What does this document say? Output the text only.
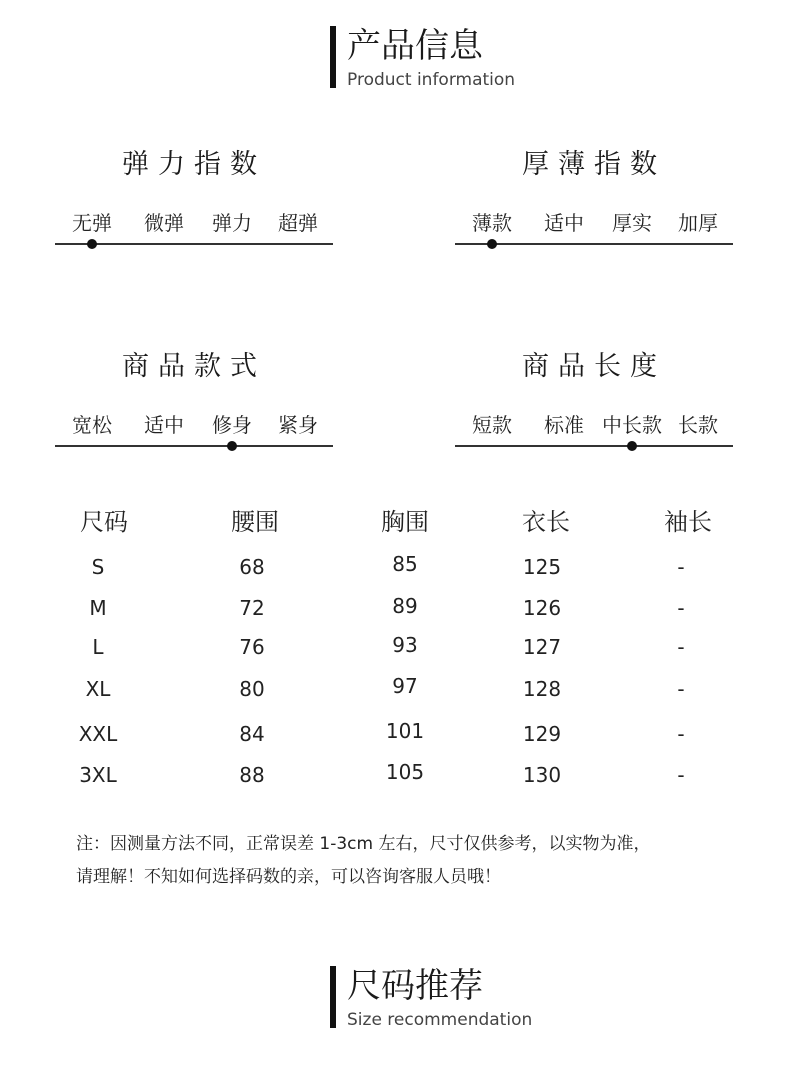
产品信息
Product information
弹力指数
无弹	微弹	弹力	超弹
厚薄指数
薄款	适中	厚实	加厚
商品款式
宽松	适中	修身	紧身
商品长度
短款	标准 中长款 长款
尺码	腰围	胸围	衣长	袖长
S	68	85	125	-
M	72	89	126	-
L	76	93	127	-
XL	80	97	128	-
XXL	84	101	129	-
3XL	88	105	130	-

注：因测量方法不同，正常误差 1-3cm 左右，尺寸仅供参考，以实物为准，

请理解！不知如何选择码数的亲，可以咨询客服人员哦！

尺码推荐
Size recommendation
